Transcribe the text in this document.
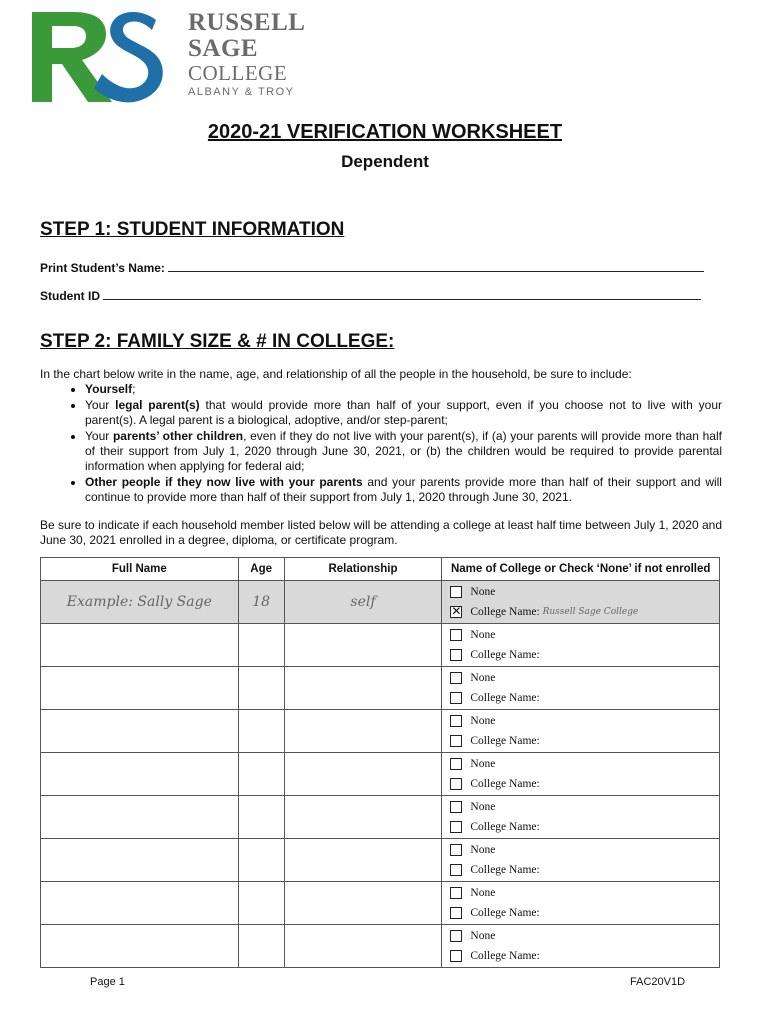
RUSSELL
SAGE
COLLEGE
ALBANY & TROY
2020-21 VERIFICATION WORKSHEET
Dependent
STEP 1: STUDENT INFORMATION
Print Student’s Name:
Student ID
STEP 2: FAMILY SIZE & # IN COLLEGE:

In the chart below write in the name, age, and relationship of all the people in the household, be sure to include:

• Yourself;
• Your legal parent(s) that would provide more than half of your support, even if you choose not to live with your parent(s). A legal parent is a biological, adoptive, and/or step-parent;
• Your parents’ other children, even if they do not live with your parent(s), if (a) your parents will provide more than half of their support from July 1, 2020 through June 30, 2021, or (b) the children would be required to provide parental information when applying for federal aid;
• Other people if they now live with your parents and your parents provide more than half of their support and will continue to provide more than half of their support from July 1, 2020 through June 30, 2021.

Be sure to indicate if each household member listed below will be attending a college at least half time between July 1, 2020 and June 30, 2021 enrolled in a degree, diploma, or certificate program.

Full Name	Age	Relationship	Name of College or Check ‘None’ if not enrolled
Example: Sally Sage	18	self	None
✕
College Name:
Russell Sage College

			None
College Name:

			None
College Name:

			None
College Name:

			None
College Name:

			None
College Name:

			None
College Name:

			None
College Name:

			None
College Name:
Page 1	FAC20V1D
